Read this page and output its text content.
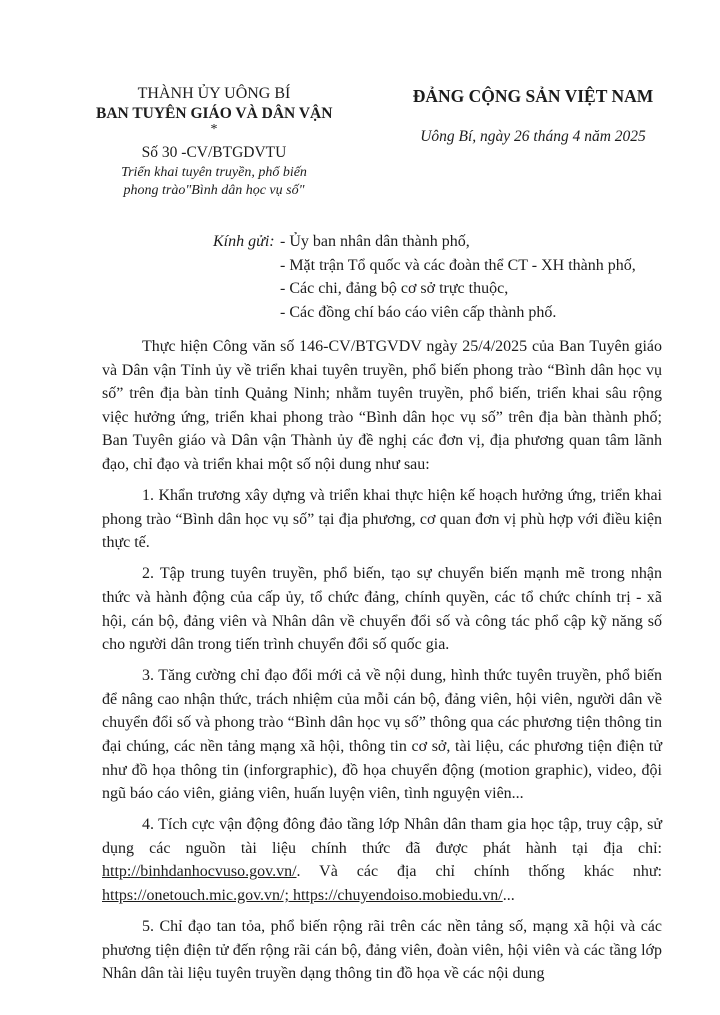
THÀNH ỦY UÔNG BÍ
BAN TUYÊN GIÁO VÀ DÂN VẬN
*
Số 30 -CV/BTGDVTU
Triển khai tuyên truyền, phổ biến
phong trào"Bình dân học vụ số"
ĐẢNG CỘNG SẢN VIỆT NAM
Uông Bí, ngày 26 tháng 4 năm 2025
Kính gửi: - Ủy ban nhân dân thành phố,
- Mặt trận Tổ quốc và các đoàn thể CT - XH thành phố,
- Các chi, đảng bộ cơ sở trực thuộc,
- Các đồng chí báo cáo viên cấp thành phố.

Thực hiện Công văn số 146-CV/BTGVDV ngày 25/4/2025 của Ban Tuyên giáo và Dân vận Tỉnh ủy về triển khai tuyên truyền, phổ biến phong trào “Bình dân học vụ số” trên địa bàn tỉnh Quảng Ninh; nhằm tuyên truyền, phổ biến, triển khai sâu rộng việc hưởng ứng, triển khai phong trào “Bình dân học vụ số” trên địa bàn thành phố; Ban Tuyên giáo và Dân vận Thành ủy đề nghị các đơn vị, địa phương quan tâm lãnh đạo, chỉ đạo và triển khai một số nội dung như sau:

1. Khẩn trương xây dựng và triển khai thực hiện kế hoạch hưởng ứng, triển khai phong trào “Bình dân học vụ số” tại địa phương, cơ quan đơn vị phù hợp với điều kiện thực tế.

2. Tập trung tuyên truyền, phổ biến, tạo sự chuyển biến mạnh mẽ trong nhận thức và hành động của cấp ủy, tổ chức đảng, chính quyền, các tổ chức chính trị - xã hội, cán bộ, đảng viên và Nhân dân về chuyển đổi số và công tác phổ cập kỹ năng số cho người dân trong tiến trình chuyển đổi số quốc gia.

3. Tăng cường chỉ đạo đổi mới cả về nội dung, hình thức tuyên truyền, phổ biến để nâng cao nhận thức, trách nhiệm của mỗi cán bộ, đảng viên, hội viên, người dân về chuyển đổi số và phong trào “Bình dân học vụ số” thông qua các phương tiện thông tin đại chúng, các nền tảng mạng xã hội, thông tin cơ sở, tài liệu, các phương tiện điện tử như đồ họa thông tin (inforgraphic), đồ họa chuyển động (motion graphic), video, đội ngũ báo cáo viên, giảng viên, huấn luyện viên, tình nguyện viên...

4. Tích cực vận động đông đảo tầng lớp Nhân dân tham gia học tập, truy cập, sử dụng các nguồn tài liệu chính thức đã được phát hành tại địa chỉ: http://binhdanhocvuso.gov.vn/. Và các địa chỉ chính thống khác như: https://onetouch.mic.gov.vn/; https://chuyendoiso.mobiedu.vn/...

5. Chỉ đạo tan tỏa, phổ biến rộng rãi trên các nền tảng số, mạng xã hội và các phương tiện điện tử đến rộng rãi cán bộ, đảng viên, đoàn viên, hội viên và các tầng lớp Nhân dân tài liệu tuyên truyền dạng thông tin đồ họa về các nội dung
